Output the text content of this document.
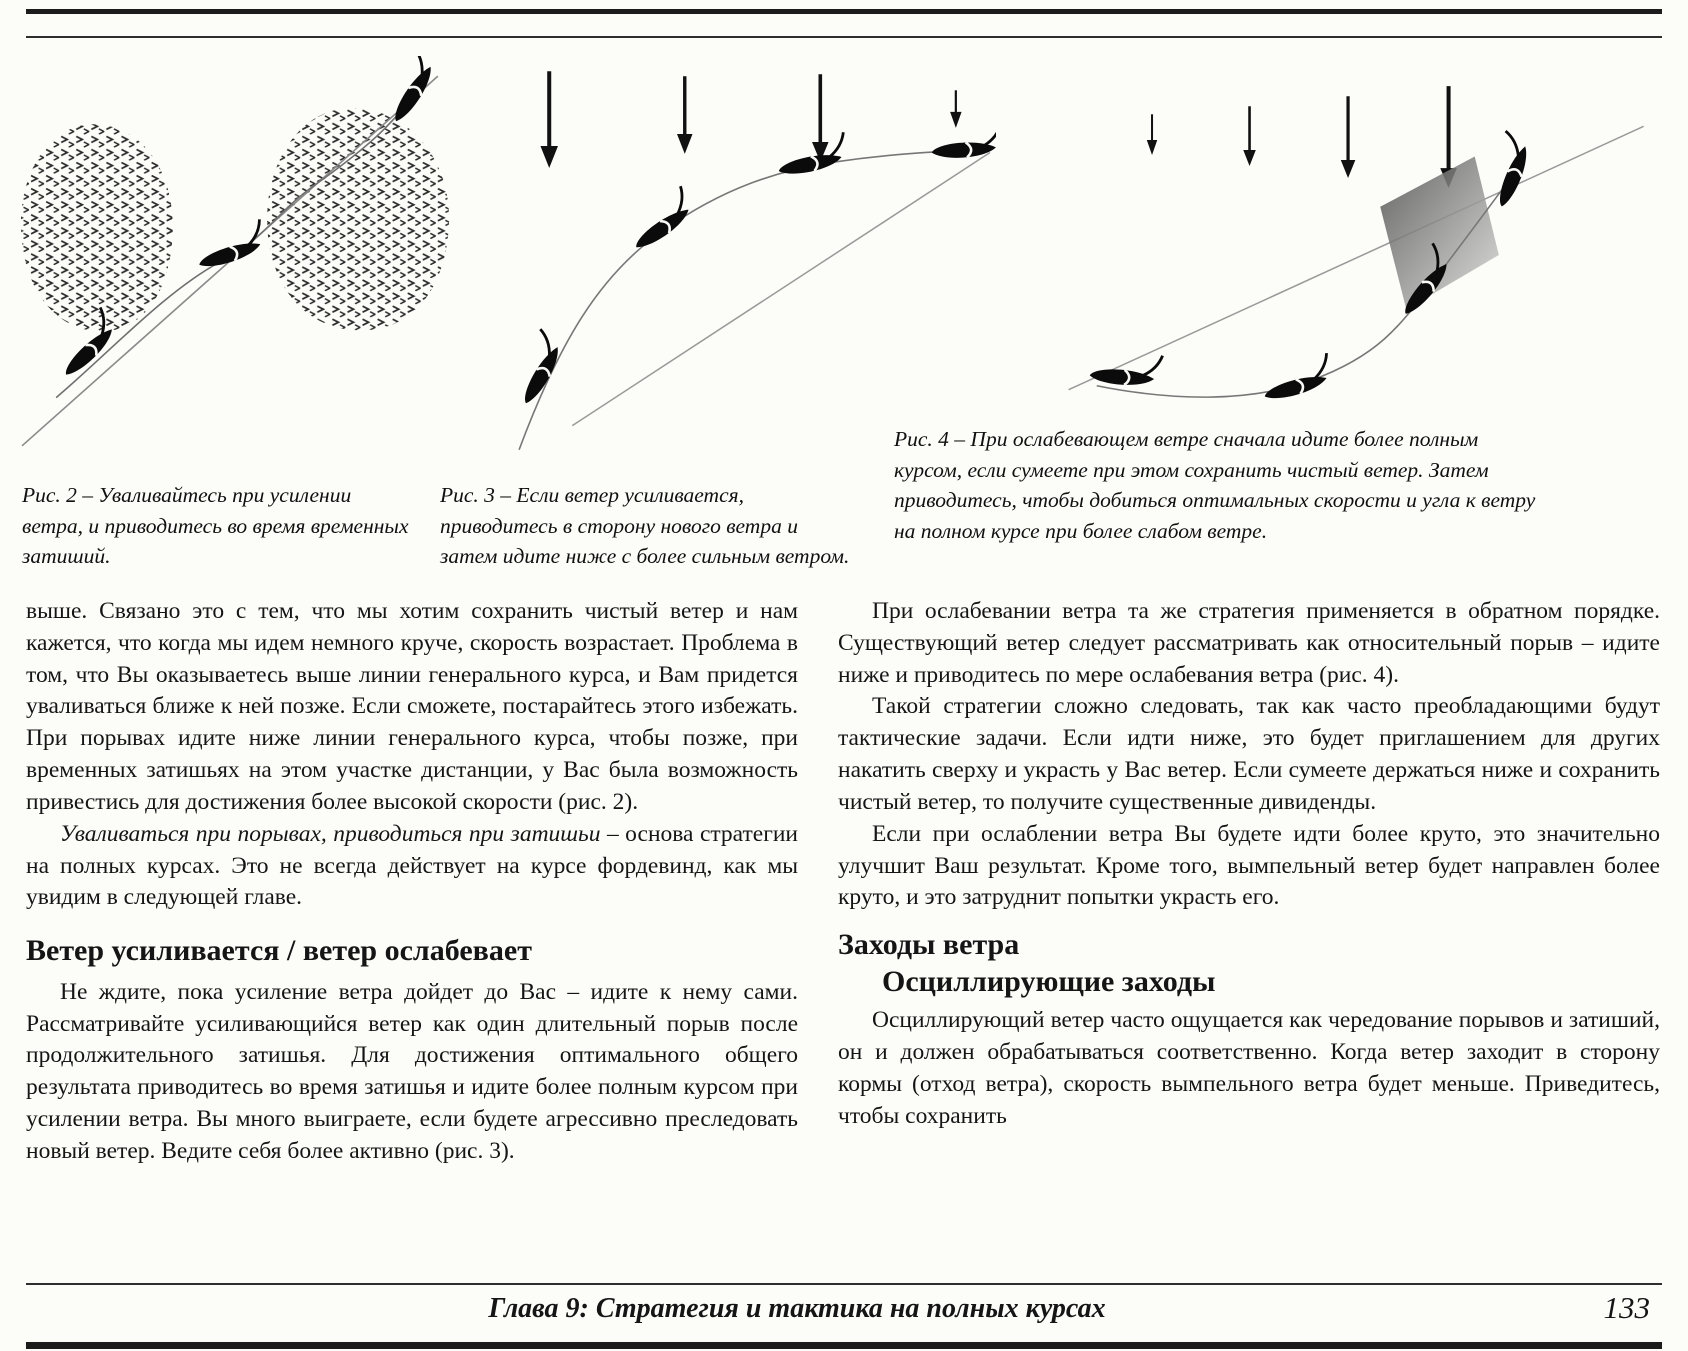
Рис. 2 – Уваливайтесь при усилении ветра, и приводитесь во время временных затиший.
Рис. 3 – Если ветер усиливается, приводитесь в сторону нового ветра и затем идите ниже с более сильным ветром.
Рис. 4 – При ослабевающем ветре сначала идите более полным курсом, если сумеете при этом сохранить чистый ветер. Затем приводитесь, чтобы добиться оптимальных скорости и угла к ветру на полном курсе при более слабом ветре.

выше. Связано это с тем, что мы хотим сохранить чистый ветер и нам кажется, что когда мы идем немного круче, скорость возрастает. Проблема в том, что Вы оказываетесь выше линии генерального курса, и Вам придется уваливаться ближе к ней позже. Если сможете, постарайтесь этого избежать. При порывах идите ниже линии генерального курса, чтобы позже, при временных затишьях на этом участке дистанции, у Вас была возможность привестись для достижения более высокой скорости (рис. 2).

Уваливаться при порывах, приводиться при затишьи – основа стратегии на полных курсах. Это не всегда действует на курсе фордевинд, как мы увидим в следующей главе.

Ветер усиливается / ветер ослабевает

Не ждите, пока усиление ветра дойдет до Вас – идите к нему сами. Рассматривайте усиливающийся ветер как один длительный порыв после продолжительного затишья. Для достижения оптимального общего результата приводитесь во время затишья и идите более полным курсом при усилении ветра. Вы много выиграете, если будете агрессивно преследовать новый ветер. Ведите себя более активно (рис. 3).

При ослабевании ветра та же стратегия применяется в обратном порядке. Существующий ветер следует рассматривать как относительный порыв – идите ниже и приводитесь по мере ослабевания ветра (рис. 4).

Такой стратегии сложно следовать, так как часто преобладающими будут тактические задачи. Если идти ниже, это будет приглашением для других накатить сверху и украсть у Вас ветер. Если сумеете держаться ниже и сохранить чистый ветер, то получите существенные дивиденды.

Если при ослаблении ветра Вы будете идти более круто, это значительно улучшит Ваш результат. Кроме того, вымпельный ветер будет направлен более круто, и это затруднит попытки украсть его.

Заходы ветра
Осциллирующие заходы

Осциллирующий ветер часто ощущается как чередование порывов и затиший, он и должен обрабатываться соответственно. Когда ветер заходит в сторону кормы (отход ветра), скорость вымпельного ветра будет меньше. Приведитесь, чтобы сохранить

Глава 9: Стратегия и тактика на полных курсах	133
